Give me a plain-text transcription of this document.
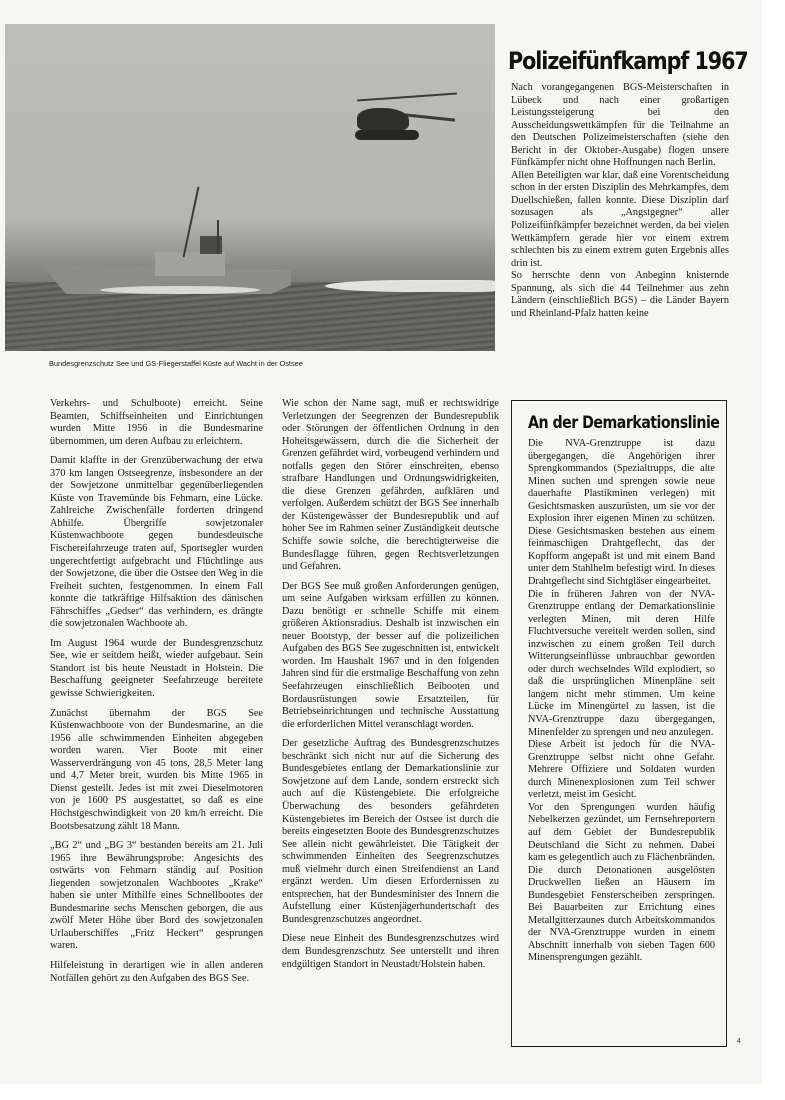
Bundesgrenzschutz See und GS-Fliegerstaffel Küste auf Wacht in der Ostsee
Polizeifünfkampf 1967

Nach vorangegangenen BGS-Meisterschaften in Lübeck und nach einer großartigen Leistungssteigerung bei den Ausscheidungswettkämpfen für die Teilnahme an den Deutschen Polizeimeisterschaften (siehe den Bericht in der Oktober-Ausgabe) flogen unsere Fünfkämpfer nicht ohne Hoffnungen nach Berlin.

Allen Beteiligten war klar, daß eine Vorentscheidung schon in der ersten Disziplin des Mehrkampfes, dem Duellschießen, fallen konnte. Diese Disziplin darf sozusagen als „Angstgegner“ aller Polizeifünfkämpfer bezeichnet werden, da bei vielen Wettkämpfern gerade hier vor einem extrem schlechten bis zu einem extrem guten Ergebnis alles drin ist.

So herrschte denn von Anbeginn knisternde Spannung, als sich die 44 Teilnehmer aus zehn Ländern (einschließlich BGS) – die Länder Bayern und Rheinland-Pfalz hatten keine

Verkehrs- und Schulboote) erreicht. Seine Beamten, Schiffseinheiten und Einrichtungen wurden Mitte 1956 in die Bundesmarine übernommen, um deren Aufbau zu erleichtern.

Damit klaffte in der Grenzüberwachung der etwa 370 km langen Ostseegrenze, insbesondere an der der Sowjetzone unmittelbar gegenüberliegenden Küste von Travemünde bis Fehmarn, eine Lücke. Zahlreiche Zwischenfälle forderten dringend Abhilfe. Übergriffe sowjetzonaler Küstenwachboote gegen bundesdeutsche Fischereifahrzeuge traten auf, Sportsegler wurden ungerechtfertigt aufgebracht und Flüchtlinge aus der Sowjetzone, die über die Ostsee den Weg in die Freiheit suchten, festgenommen. In einem Fall konnte die tatkräftige Hilfsaktion des dänischen Fährschiffes „Gedser“ das verhindern, es drängte die sowjetzonalen Wachboote ab.

Im August 1964 wurde der Bundesgrenzschutz See, wie er seitdem heißt, wieder aufgebaut. Sein Standort ist bis heute Neustadt in Holstein. Die Beschaffung geeigneter Seefahrzeuge bereitete gewisse Schwierigkeiten.

Zunächst übernahm der BGS See Küstenwachboote von der Bundesmarine, an die 1956 alle schwimmenden Einheiten abgegeben worden waren. Vier Boote mit einer Wasserverdrängung von 45 tons, 28,5 Meter lang und 4,7 Meter breit, wurden bis Mitte 1965 in Dienst gestellt. Jedes ist mit zwei Dieselmotoren von je 1600 PS ausgestattet, so daß es eine Höchstgeschwindigkeit von 20 km/h erreicht. Die Bootsbesatzung zählt 18 Mann.

„BG 2“ und „BG 3“ bestanden bereits am 21. Juli 1965 ihre Bewährungsprobe: Angesichts des ostwärts von Fehmarn ständig auf Position liegenden sowjetzonalen Wachbootes „Krake“ haben sie unter Mithilfe eines Schnellbootes der Bundesmarine sechs Menschen geborgen, die aus zwölf Meter Höhe über Bord des sowjetzonalen Urlauberschiffes „Fritz Heckert“ gesprungen waren.

Hilfeleistung in derartigen wie in allen anderen Notfällen gehört zu den Aufgaben des BGS See.

Wie schon der Name sagt, muß er rechtswidrige Verletzungen der Seegrenzen der Bundesrepublik oder Störungen der öffentlichen Ordnung in den Hoheitsgewässern, durch die die Sicherheit der Grenzen gefährdet wird, vorbeugend verhindern und notfalls gegen den Störer einschreiten, ebenso strafbare Handlungen und Ordnungswidrigkeiten, die diese Grenzen gefährden, aufklären und verfolgen. Außerdem schützt der BGS See innerhalb der Küstengewässer der Bundesrepublik und auf hoher See im Rahmen seiner Zuständigkeit deutsche Schiffe sowie solche, die berechtigterweise die Bundesflagge führen, gegen Rechtsverletzungen und Gefahren.

Der BGS See muß großen Anforderungen genügen, um seine Aufgaben wirksam erfüllen zu können. Dazu benötigt er schnelle Schiffe mit einem größeren Aktionsradius. Deshalb ist inzwischen ein neuer Bootstyp, der besser auf die polizeilichen Aufgaben des BGS See zugeschnitten ist, entwickelt worden. Im Haushalt 1967 und in den folgenden Jahren sind für die erstmalige Beschaffung von zehn Seefahrzeugen einschließlich Beibooten und Bordausrüstungen sowie Ersatzteilen, für Betriebseinrichtungen und technische Ausstattung die erforderlichen Mittel veranschlagt worden.

Der gesetzliche Auftrag des Bundesgrenzschutzes beschränkt sich nicht nur auf die Sicherung des Bundesgebietes entlang der Demarkationslinie zur Sowjetzone auf dem Lande, sondern erstreckt sich auch auf die Küstengebiete. Die erfolgreiche Überwachung des besonders gefährdeten Küstengebietes im Bereich der Ostsee ist durch die bereits eingesetzten Boote des Bundesgrenzschutzes See allein nicht gewährleistet. Die Tätigkeit der schwimmenden Einheiten des Seegrenzschutzes muß vielmehr durch einen Streifendienst an Land ergänzt werden. Um diesen Erfordernissen zu entsprechen, hat der Bundesminister des Innern die Aufstellung einer Küstenjägerhundertschaft des Bundesgrenzschutzes angeordnet.

Diese neue Einheit des Bundesgrenzschutzes wird dem Bundesgrenzschutz See unterstellt und ihren endgültigen Standort in Neustadt/Holstein haben.

An der Demarkationslinie

Die NVA-Grenztruppe ist dazu übergegangen, die Angehörigen ihrer Sprengkommandos (Spezialtrupps, die alte Minen suchen und sprengen sowie neue dauerhafte Plastikminen verlegen) mit Gesichtsmasken auszurüsten, um sie vor der Explosion ihrer eigenen Minen zu schützen. Diese Gesichtsmasken bestehen aus einem feinmaschigen Drahtgeflecht, das der Kopfform angepaßt ist und mit einem Band unter dem Stahlhelm befestigt wird. In dieses Drahtgeflecht sind Sichtgläser eingearbeitet.

Die in früheren Jahren von der NVA-Grenztruppe entlang der Demarkationslinie verlegten Minen, mit deren Hilfe Fluchtversuche vereitelt werden sollen, sind inzwischen zu einem großen Teil durch Witterungseinflüsse unbrauchbar geworden oder durch wechselndes Wild explodiert, so daß die ursprünglichen Minenpläne seit langem nicht mehr stimmen. Um keine Lücke im Minengürtel zu lassen, ist die NVA-Grenztruppe dazu übergegangen, Minenfelder zu sprengen und neu anzulegen.

Diese Arbeit ist jedoch für die NVA-Grenztruppe selbst nicht ohne Gefahr. Mehrere Offiziere und Soldaten wurden durch Minenexplosionen zum Teil schwer verletzt, meist im Gesicht.

Vor den Sprengungen wurden häufig Nebelkerzen gezündet, um Fernsehreportern auf dem Gebiet der Bundesrepublik Deutschland die Sicht zu nehmen. Dabei kam es gelegentlich auch zu Flächenbränden. Die durch Detonationen ausgelösten Druckwellen ließen an Häusern im Bundesgebiet Fensterscheiben zerspringen. Bei Bauarbeiten zur Errichtung eines Metallgitterzaunes durch Arbeitskommandos der NVA-Grenztruppe wurden in einem Abschnitt innerhalb von sieben Tagen 600 Minensprengungen gezählt.

4
